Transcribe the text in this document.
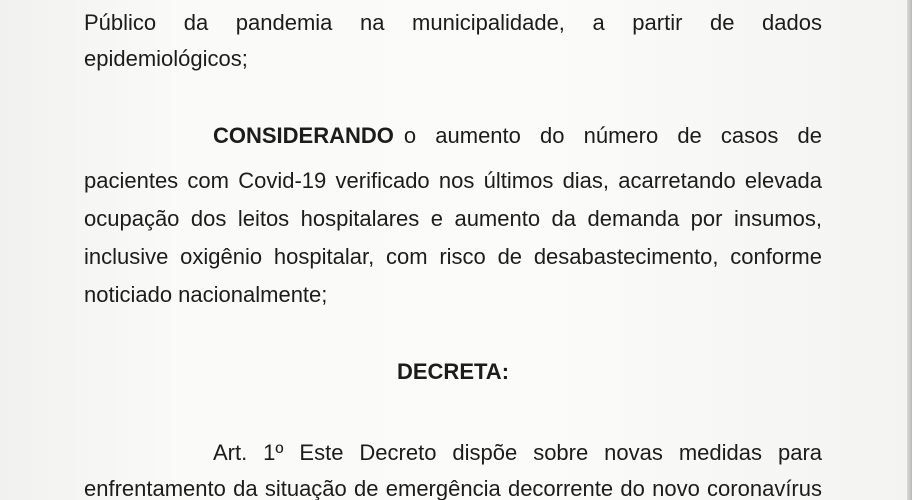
Público da pandemia na municipalidade, a partir de dados

epidemiológicos;

CONSIDERANDO o aumento do número de casos de

pacientes com Covid-19 verificado nos últimos dias, acarretando elevada

ocupação dos leitos hospitalares e aumento da demanda por insumos,

inclusive oxigênio hospitalar, com risco de desabastecimento, conforme

noticiado nacionalmente;

DECRETA:

Art. 1º Este Decreto dispõe sobre novas medidas para

enfrentamento da situação de emergência decorrente do novo coronavírus
